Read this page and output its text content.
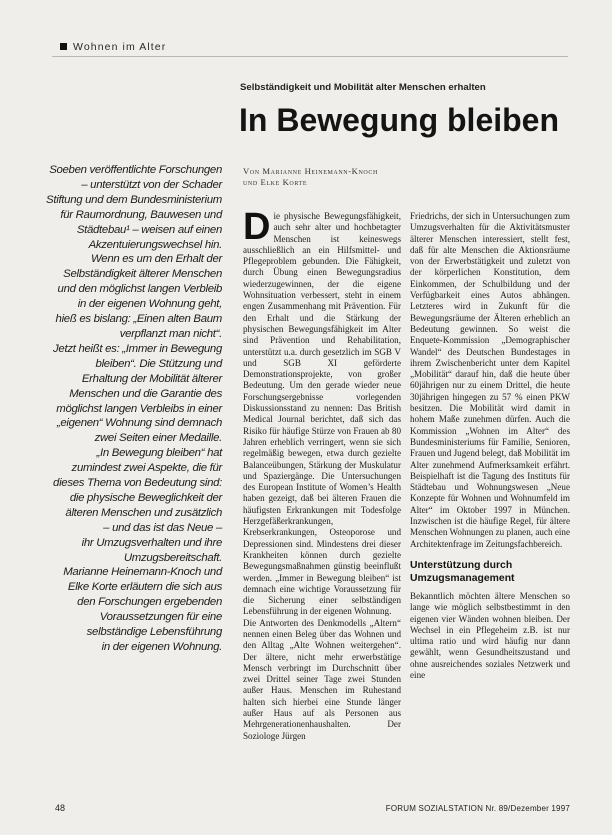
Wohnen im Alter
Selbständigkeit und Mobilität alter Menschen erhalten
In Bewegung bleiben
Soeben veröffentlichte Forschungen
– unterstützt von der Schader
Stiftung und dem Bundesministerium
für Raumordnung, Bauwesen und
Städtebau¹ – weisen auf einen
Akzentuierungswechsel hin.
Wenn es um den Erhalt der
Selbständigkeit älterer Menschen
und den möglichst langen Verbleib
in der eigenen Wohnung geht,
hieß es bislang: „Einen alten Baum
verpflanzt man nicht“.
Jetzt heißt es: „Immer in Bewegung
bleiben“. Die Stützung und
Erhaltung der Mobilität älterer
Menschen und die Garantie des
möglichst langen Verbleibs in einer
„eigenen“ Wohnung sind demnach
zwei Seiten einer Medaille.
„In Bewegung bleiben“ hat
zumindest zwei Aspekte, die für
dieses Thema von Bedeutung sind:
die physische Beweglichkeit der
älteren Menschen und zusätzlich
– und das ist das Neue –
ihr Umzugsverhalten und ihre
Umzugsbereitschaft.
Marianne Heinemann-Knoch und
Elke Korte erläutern die sich aus
den Forschungen ergebenden
Voraussetzungen für eine
selbständige Lebensführung
in der eigenen Wohnung.
Von Marianne Heinemann-Knoch
und Elke Korte
D ie physische Bewegungsfähigkeit, auch sehr alter und hochbetagter Menschen ist keineswegs ausschließlich an ein Hilfsmittel- und Pflegeproblem gebunden. Die Fähigkeit, durch Übung einen Bewegungsradius wiederzugewinnen, der die eigene Wohnsituation verbessert, steht in einem engen Zusammenhang mit Prävention. Für den Erhalt und die Stärkung der physischen Bewegungsfähigkeit im Alter sind Prävention und Rehabilitation, unterstützt u.a. durch gesetzlich im SGB V und SGB XI geförderte Demonstrationsprojekte, von großer Bedeutung. Um den gerade wieder neue Forschungsergebnisse vorlegenden Diskussionsstand zu nennen: Das British Medical Journal berichtet, daß sich das Risiko für häufige Stürze von Frauen ab 80 Jahren erheblich verringert, wenn sie sich regelmäßig bewegen, etwa durch gezielte Balanceübungen, Stärkung der Muskulatur und Spaziergänge. Die Untersuchungen des European Institute of Women’s Health haben gezeigt, daß bei älteren Frauen die häufigsten Erkrankungen mit Todesfolge Herzgefäßerkrankungen, Krebserkrankungen, Osteoporose und Depressionen sind. Mindestens drei dieser Krankheiten können durch gezielte Bewegungsmaßnahmen günstig beeinflußt werden. „Immer in Bewegung bleiben“ ist demnach eine wichtige Voraussetzung für die Sicherung einer selbständigen Lebensführung in der eigenen Wohnung.

Die Antworten des Denkmodells „Altern“ nennen einen Beleg über das Wohnen und den Alltag „Alte Wohnen weitergehen“. Der ältere, nicht mehr erwerbstätige Mensch verbringt im Durchschnitt über zwei Drittel seiner Tage zwei Stunden außer Haus. Menschen im Ruhestand halten sich hierbei eine Stunde länger außer Haus auf als Personen aus Mehrgenerationenhaushalten. Der Soziologe Jürgen

Friedrichs, der sich in Untersuchungen zum Umzugsverhalten für die Aktivitätsmuster älterer Menschen interessiert, stellt fest, daß für alte Menschen die Aktionsräume von der Erwerbstätigkeit und zuletzt von der körperlichen Konstitution, dem Einkommen, der Schulbildung und der Verfügbarkeit eines Autos abhängen. Letzteres wird in Zukunft für die Bewegungsräume der Älteren erheblich an Bedeutung gewinnen. So weist die Enquete-Kommission „Demographischer Wandel“ des Deutschen Bundestages in ihrem Zwischenbericht unter dem Kapitel „Mobilität“ darauf hin, daß die heute über 60jährigen nur zu einem Drittel, die heute 30jährigen hingegen zu 57 % einen PKW besitzen. Die Mobilität wird damit in hohem Maße zunehmen dürfen. Auch die Kommission „Wohnen im Alter“ des Bundesministeriums für Familie, Senioren, Frauen und Jugend belegt, daß Mobilität im Alter zunehmend Aufmerksamkeit erfährt. Beispielhaft ist die Tagung des Instituts für Städtebau und Wohnungswesen „Neue Konzepte für Wohnen und Wohnumfeld im Alter“ im Oktober 1997 in München. Inzwischen ist die häufige Regel, für ältere Menschen Wohnungen zu planen, auch eine Architektenfrage im Zeitungsfachbereich.

Unterstützung durch Umzugsmanagement

Bekanntlich möchten ältere Menschen so lange wie möglich selbstbestimmt in den eigenen vier Wänden wohnen bleiben. Der Wechsel in ein Pflegeheim z.B. ist nur ultima ratio und wird häufig nur dann gewählt, wenn Gesundheitszustand und ohne ausreichendes soziales Netzwerk und eine

48	FORUM SOZIALSTATION Nr. 89/Dezember 1997
